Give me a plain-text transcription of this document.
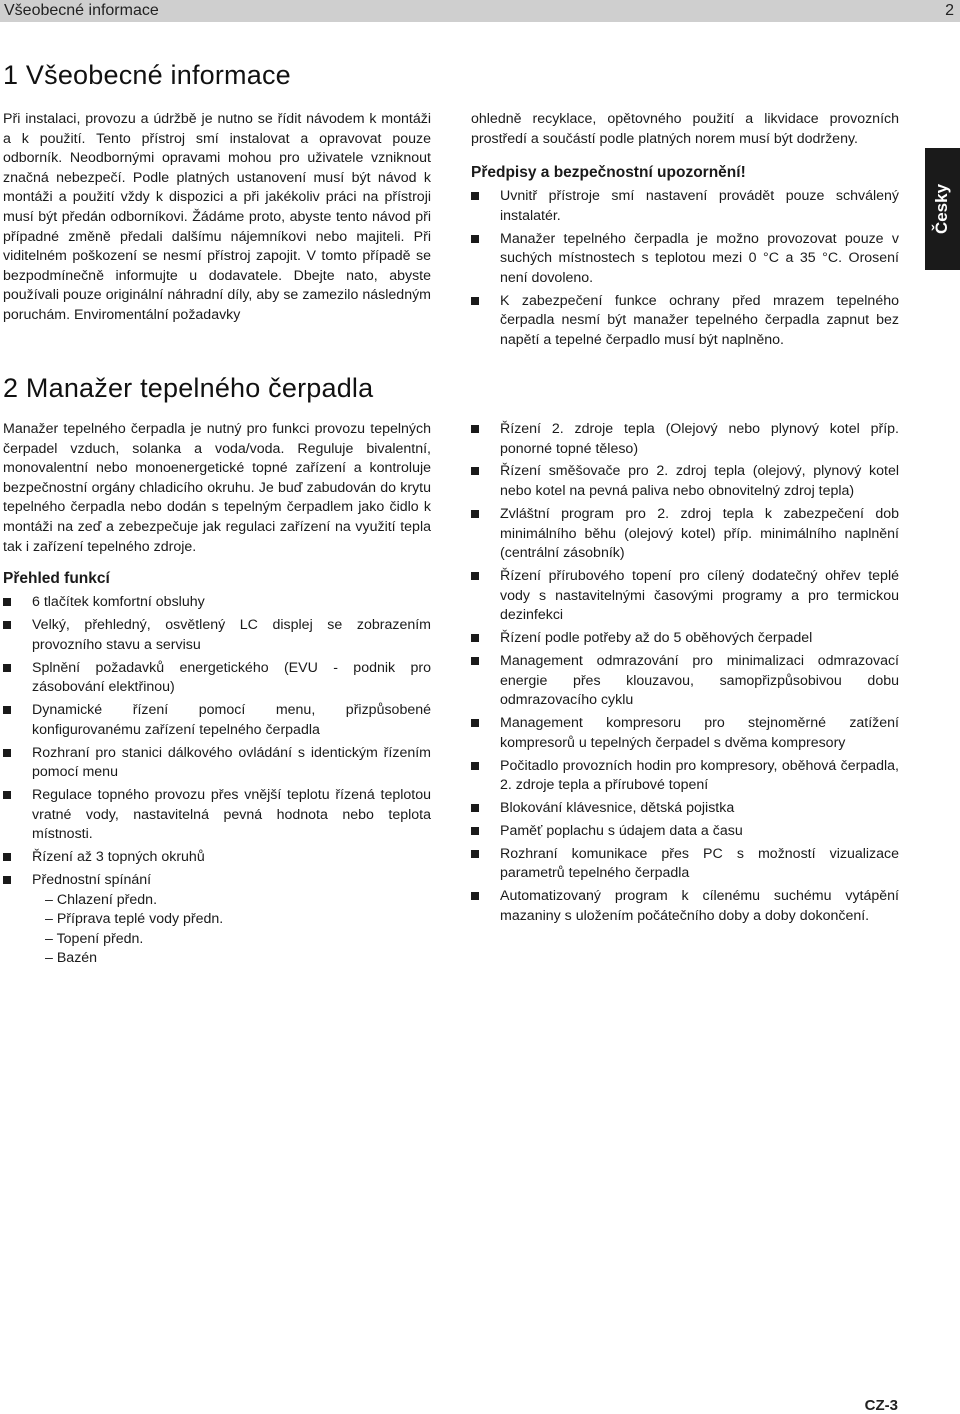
Všeobecné informace	2
Česky
1 Všeobecné informace

Při instalaci, provozu a údržbě je nutno se řídit návodem k montáži a k použití. Tento přístroj smí instalovat a opravovat pouze odborník. Neodbornými opravami mohou pro uživatele vzniknout značná nebezpečí. Podle platných ustanovení musí být návod k montáži a použití vždy k dispozici a při jakékoliv práci na přístroji musí být předán odborníkovi. Žádáme proto, abyste tento návod při případné změně předali dalšímu nájemníkovi nebo majiteli. Při viditelném poškození se nesmí přístroj zapojit. V tomto případě se bezpodmínečně informujte u dodavatele. Dbejte nato, abyste používali pouze originální náhradní díly, aby se zamezilo následným poruchám. Enviromentální požadavky

ohledně recyklace, opětovného použití a likvidace provozních prostředí a součástí podle platných norem musí být dodrženy.

Předpisy a bezpečnostní upozornění!
Uvnitř přístroje smí nastavení provádět pouze schválený instalatér.
Manažer tepelného čerpadla je možno provozovat pouze v suchých místnostech s teplotou mezi 0 °C a 35 °C. Orosení není dovoleno.
K zabezpečení funkce ochrany před mrazem tepelného čerpadla nesmí být manažer tepelného čerpadla zapnut bez napětí a tepelné čerpadlo musí být naplněno.
2 Manažer tepelného čerpadla

Manažer tepelného čerpadla je nutný pro funkci provozu tepelných čerpadel vzduch, solanka a voda/voda. Reguluje bivalentní, monovalentní nebo monoenergetické topné zařízení a kontroluje bezpečnostní orgány chladicího okruhu. Je buď zabudován do krytu tepelného čerpadla nebo dodán s tepelným čerpadlem jako čidlo k montáži na zeď a zebezpečuje jak regulaci zařízení na využití tepla tak i zařízení tepelného zdroje.

Přehled funkcí
6 tlačítek komfortní obsluhy
Velký, přehledný, osvětlený LC displej se zobrazením provozního stavu a servisu
Splnění požadavků energetického (EVU - podnik pro zásobování elektřinou)
Dynamické řízení pomocí menu, přizpůsobené konfigurovanému zařízení tepelného čerpadla
Rozhraní pro stanici dálkového ovládání s identickým řízením pomocí menu
Regulace topného provozu přes vnější teplotu řízená teplotou vratné vody, nastavitelná pevná hodnota nebo teplota místnosti.
Řízení až 3 topných okruhů
Přednostní spínání
– Chlazení předn.
– Příprava teplé vody předn.
– Topení předn.
– Bazén
Řízení 2. zdroje tepla (Olejový nebo plynový kotel příp. ponorné topné těleso)
Řízení směšovače pro 2. zdroj tepla (olejový, plynový kotel nebo kotel na pevná paliva nebo obnovitelný zdroj tepla)
Zvláštní program pro 2. zdroj tepla k zabezpečení dob minimálního běhu (olejový kotel) příp. minimálního naplnění (centrální zásobník)
Řízení přírubového topení pro cílený dodatečný ohřev teplé vody s nastavitelnými časovými programy a pro termickou dezinfekci
Řízení podle potřeby až do 5 oběhových čerpadel
Management odmrazování pro minimalizaci odmrazovací energie přes klouzavou, samopřizpůsobivou dobu odmrazovacího cyklu
Management kompresoru pro stejnoměrné zatížení kompresorů u tepelných čerpadel s dvěma kompresory
Počitadlo provozních hodin pro kompresory, oběhová čerpadla, 2. zdroje tepla a přírubové topení
Blokování klávesnice, dětská pojistka
Paměť poplachu s údajem data a času
Rozhraní komunikace přes PC s možností vizualizace parametrů tepelného čerpadla
Automatizovaný program k cílenému suchému vytápění mazaniny s uložením počátečního doby a doby dokončení.
CZ-3
